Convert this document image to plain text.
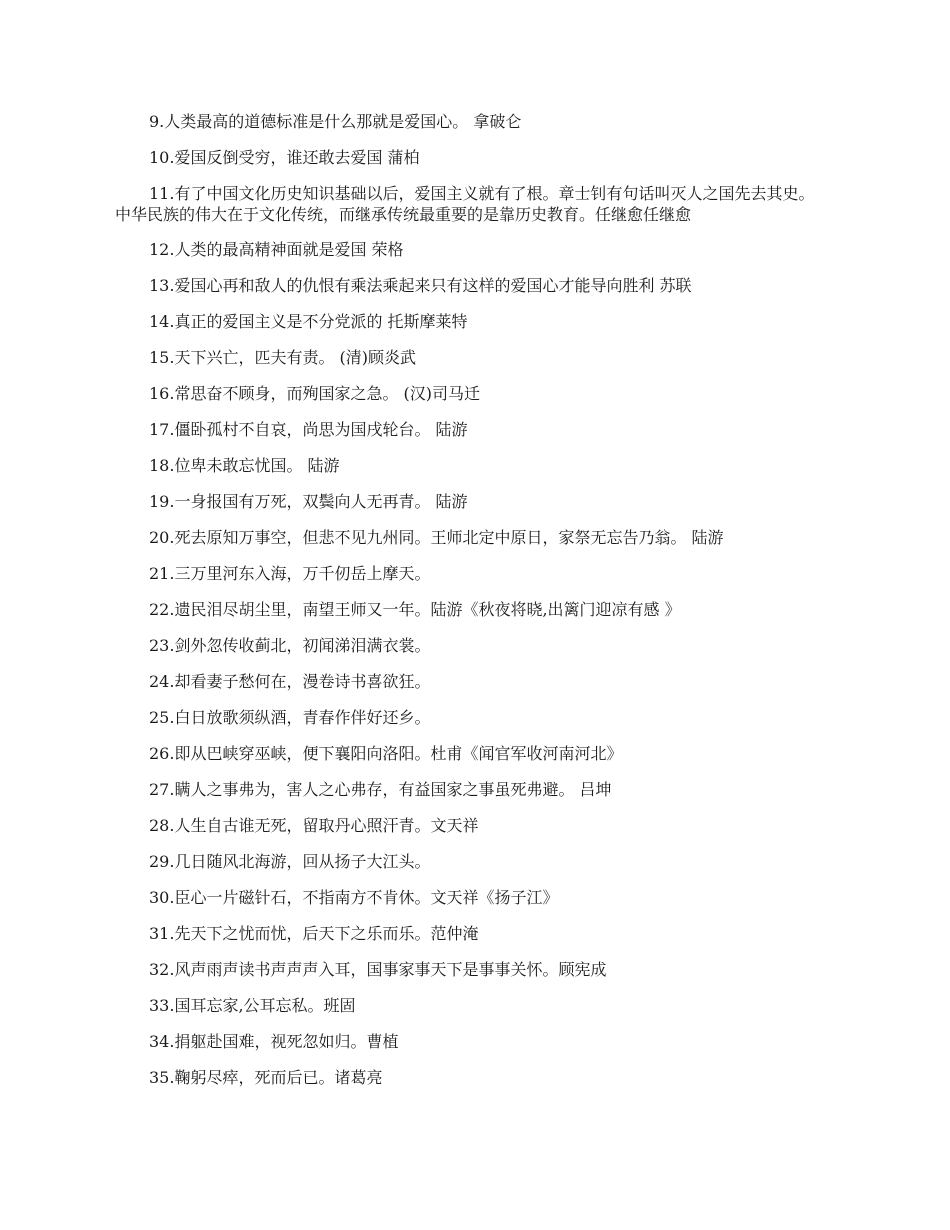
9.人类最高的道德标准是什么那就是爱国心。 拿破仑

10.爱国反倒受穷，谁还敢去爱国 蒲柏

11.有了中国文化历史知识基础以后，爱国主义就有了根。章士钊有句话叫灭人之国先去其史。中华民族的伟大在于文化传统，而继承传统最重要的是靠历史教育。任继愈任继愈

12.人类的最高精神面就是爱国 荣格

13.爱国心再和敌人的仇恨有乘法乘起来只有这样的爱国心才能导向胜利 苏联

14.真正的爱国主义是不分党派的 托斯摩莱特

15.天下兴亡，匹夫有责。 (清)顾炎武

16.常思奋不顾身，而殉国家之急。 (汉)司马迁

17.僵卧孤村不自哀，尚思为国戌轮台。 陆游

18.位卑未敢忘忧国。 陆游

19.一身报国有万死，双鬓向人无再青。 陆游

20.死去原知万事空，但悲不见九州同。王师北定中原日，家祭无忘告乃翁。 陆游

21.三万里河东入海，万千仞岳上摩天。

22.遗民泪尽胡尘里，南望王师又一年。陆游《秋夜将晓,出篱门迎凉有感 》

23.剑外忽传收蓟北，初闻涕泪满衣裳。

24.却看妻子愁何在，漫卷诗书喜欲狂。

25.白日放歌须纵酒，青春作伴好还乡。

26.即从巴峡穿巫峡，便下襄阳向洛阳。杜甫《闻官军收河南河北》

27.瞒人之事弗为，害人之心弗存，有益国家之事虽死弗避。 吕坤

28.人生自古谁无死，留取丹心照汗青。文天祥

29.几日随风北海游，回从扬子大江头。

30.臣心一片磁针石，不指南方不肯休。文天祥《扬子江》

31.先天下之忧而忧，后天下之乐而乐。范仲淹

32.风声雨声读书声声声入耳，国事家事天下是事事关怀。顾宪成

33.国耳忘家,公耳忘私。班固

34.捐躯赴国难，视死忽如归。曹植

35.鞠躬尽瘁，死而后已。诸葛亮
